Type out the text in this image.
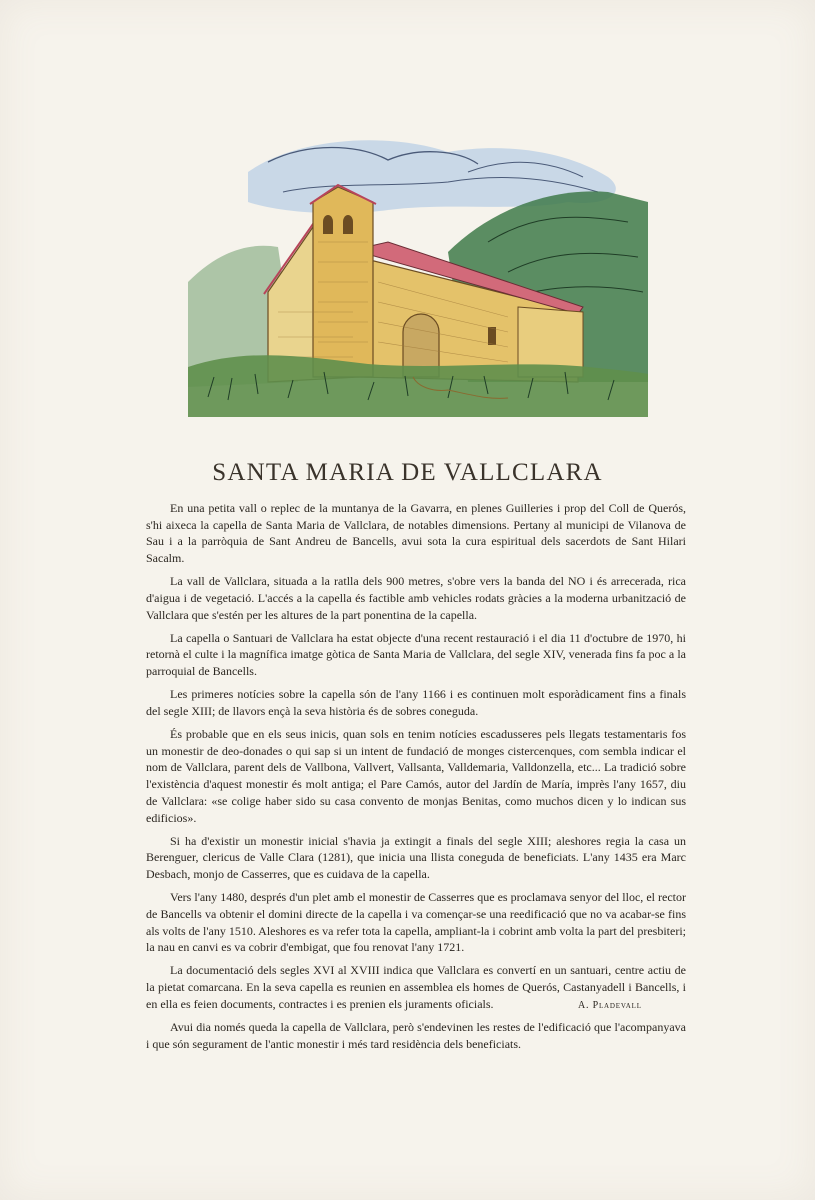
SANTA MARIA DE VALLCLARA

En una petita vall o replec de la muntanya de la Gavarra, en plenes Guilleries i prop del Coll de Querós, s'hi aixeca la capella de Santa Maria de Vallclara, de notables dimensions. Pertany al municipi de Vilanova de Sau i a la parròquia de Sant Andreu de Bancells, avui sota la cura espiritual dels sacerdots de Sant Hilari Sacalm.

La vall de Vallclara, situada a la ratlla dels 900 metres, s'obre vers la banda del NO i és arrecerada, rica d'aigua i de vegetació. L'accés a la capella és factible amb vehicles rodats gràcies a la moderna urbanització de Vallclara que s'estén per les altures de la part ponentina de la capella.

La capella o Santuari de Vallclara ha estat objecte d'una recent restauració i el dia 11 d'octubre de 1970, hi retornà el culte i la magnífica imatge gòtica de Santa Maria de Vallclara, del segle XIV, venerada fins fa poc a la parroquial de Bancells.

Les primeres notícies sobre la capella són de l'any 1166 i es continuen molt esporàdicament fins a finals del segle XIII; de llavors ençà la seva història és de sobres coneguda.

És probable que en els seus inicis, quan sols en tenim notícies escadusseres pels llegats testamentaris fos un monestir de deo-donades o qui sap si un intent de fundació de monges cistercenques, com sembla indicar el nom de Vallclara, parent dels de Vallbona, Vallvert, Vallsanta, Valldemaria, Valldonzella, etc... La tradició sobre l'existència d'aquest monestir és molt antiga; el Pare Camós, autor del Jardín de María, imprès l'any 1657, diu de Vallclara: «se colige haber sido su casa convento de monjas Benitas, como muchos dicen y lo indican sus edificios».

Si ha d'existir un monestir inicial s'havia ja extingit a finals del segle XIII; aleshores regia la casa un Berenguer, clericus de Valle Clara (1281), que inicia una llista coneguda de beneficiats. L'any 1435 era Marc Desbach, monjo de Casserres, que es cuidava de la capella.

Vers l'any 1480, després d'un plet amb el monestir de Casserres que es proclamava senyor del lloc, el rector de Bancells va obtenir el domini directe de la capella i va començar-se una reedificació que no va acabar-se fins als volts de l'any 1510. Aleshores es va refer tota la capella, ampliant-la i cobrint amb volta la part del presbiteri; la nau en canvi es va cobrir d'embigat, que fou renovat l'any 1721.

La documentació dels segles XVI al XVIII indica que Vallclara es convertí en un santuari, centre actiu de la pietat comarcana. En la seva capella es reunien en assemblea els homes de Querós, Castanyadell i Bancells, i en ella es feien documents, contractes i es prenien els juraments oficials.

Avui dia només queda la capella de Vallclara, però s'endevinen les restes de l'edificació que l'acompanyava i que són segurament de l'antic monestir i més tard residència dels beneficiats.

A. Pladevall
